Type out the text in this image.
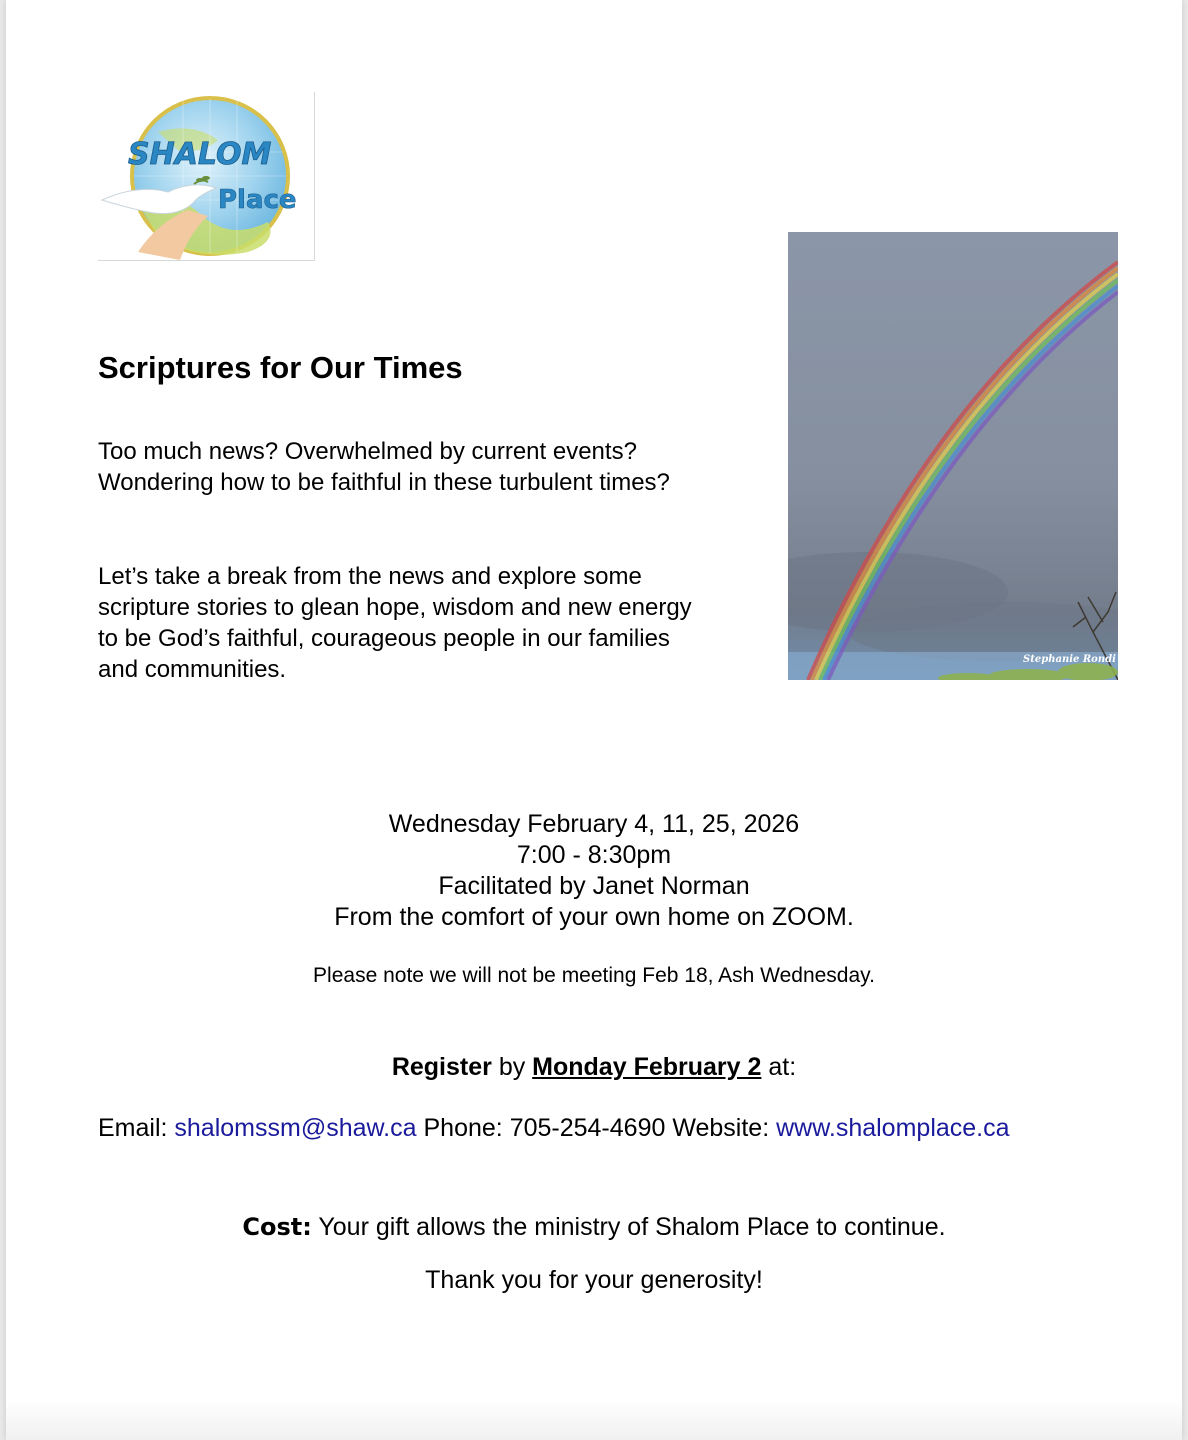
SHALOM
Place
Stephanie Rondi
Scriptures for Our Times
Too much news? Overwhelmed by current events?
Wondering how to be faithful in these turbulent times?
Let’s take a break from the news and explore some
scripture stories to glean hope, wisdom and new energy
to be God’s faithful, courageous people in our families
and communities.
Wednesday February 4, 11, 25, 2026
7:00 - 8:30pm
Facilitated by Janet Norman
From the comfort of your own home on ZOOM.
Please note we will not be meeting Feb 18, Ash Wednesday.
Register by Monday February 2 at:
Email: shalomssm@shaw.ca Phone: 705-254-4690 Website: www.shalomplace.ca
Cost: Your gift allows the ministry of Shalom Place to continue.
Thank you for your generosity!
